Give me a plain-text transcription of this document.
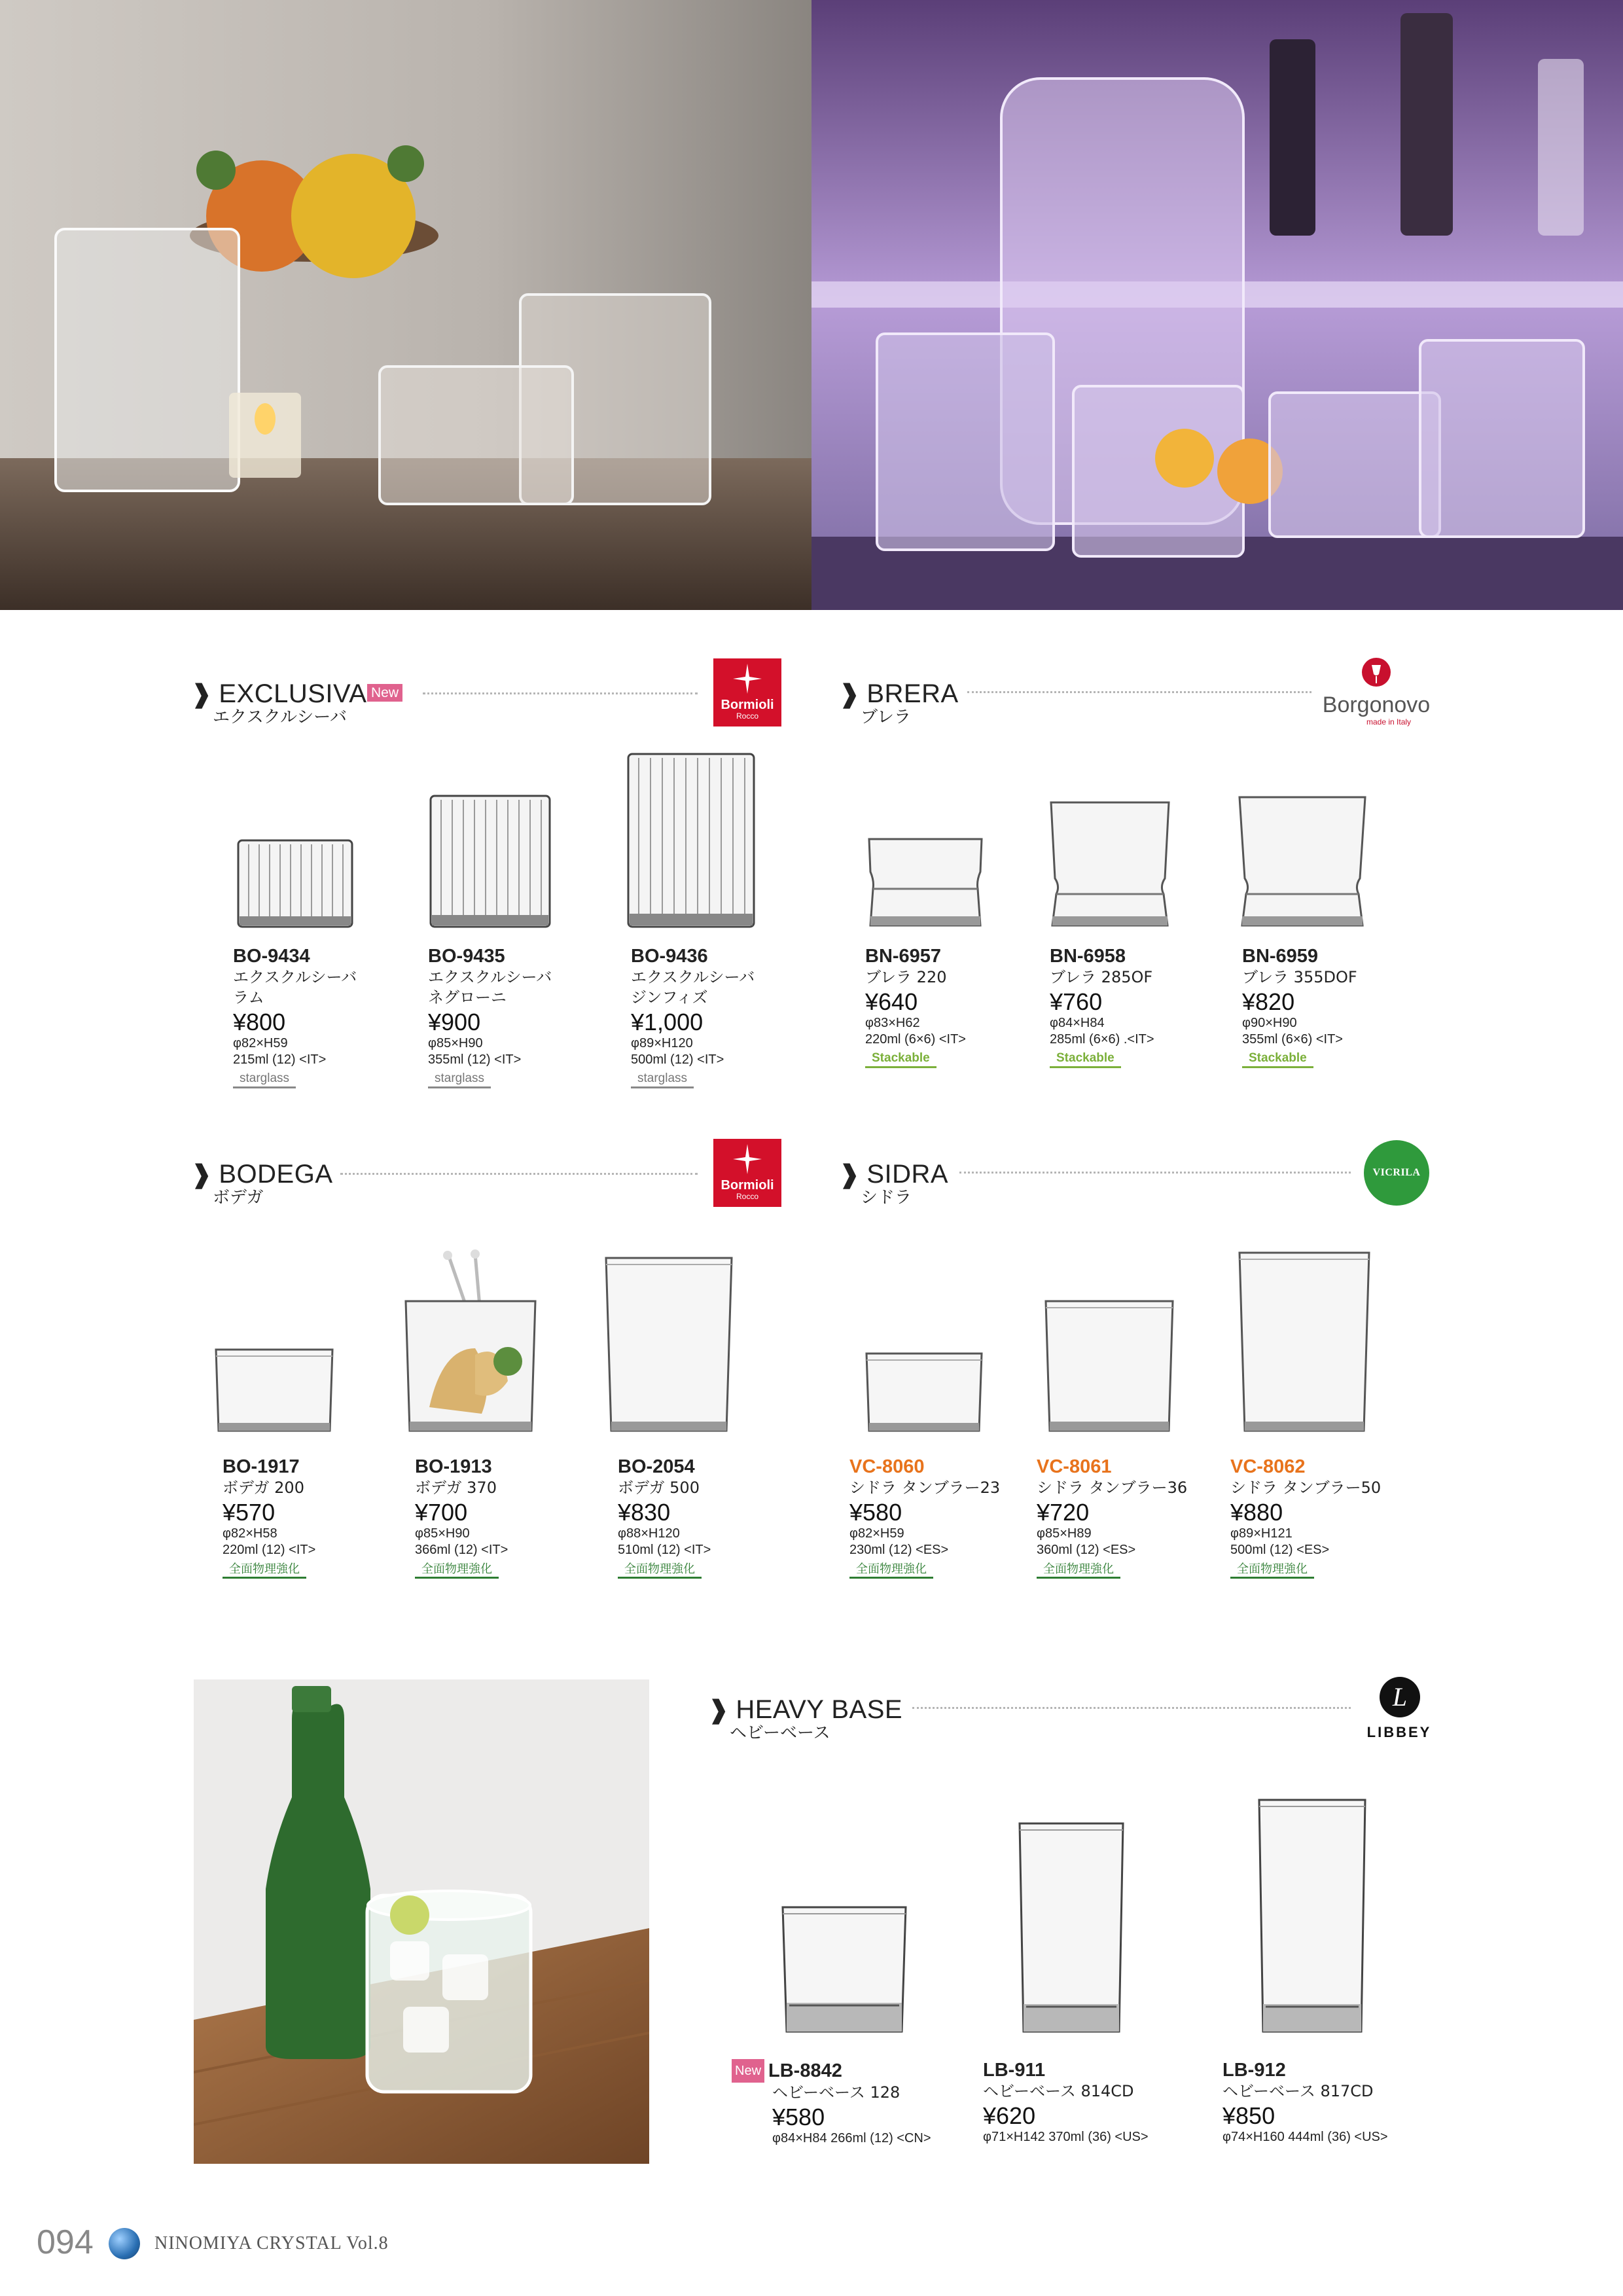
❱ EXCLUSIVA
エクスクルシーバ
New
Bormioli
Rocco
BO-9434
エクスクルシーバ
ラム
¥800
φ82×H59
215ml (12) <IT>
starglass
BO-9435
エクスクルシーバ
ネグローニ
¥900
φ85×H90
355ml (12) <IT>
starglass
BO-9436
エクスクルシーバ
ジンフィズ
¥1,000
φ89×H120
500ml (12) <IT>
starglass
❱ BRERA
ブレラ	Borgonovo
made in Italy
BN-6957
ブレラ 220
¥640
φ83×H62
220ml (6×6) <IT>
Stackable
BN-6958
ブレラ 285OF
¥760
φ84×H84
285ml (6×6) .<IT>
Stackable
BN-6959
ブレラ 355DOF
¥820
φ90×H90
355ml (6×6) <IT>
Stackable
❱ BODEGA
ボデガ
Bormioli
Rocco
BO-1917
ボデガ 200
¥570
φ82×H58
220ml (12) <IT>
全面物理強化
BO-1913
ボデガ 370
¥700
φ85×H90
366ml (12) <IT>
全面物理強化
BO-2054
ボデガ 500
¥830
φ88×H120
510ml (12) <IT>
全面物理強化
❱ SIDRA
シドラ
VICRILA
VC-8060
シドラ タンブラー23
¥580
φ82×H59
230ml (12) <ES>
全面物理強化
VC-8061
シドラ タンブラー36
¥720
φ85×H89
360ml (12) <ES>
全面物理強化
VC-8062
シドラ タンブラー50
¥880
φ89×H121
500ml (12) <ES>
全面物理強化
❱ HEAVY BASE
ヘビーベース
L
LIBBEY
New LB-8842
ヘビーベース 128
¥580
φ84×H84 266ml (12) <CN>
LB-911
ヘビーベース 814CD
¥620
φ71×H142 370ml (36) <US>
LB-912
ヘビーベース 817CD
¥850
φ74×H160 444ml (36) <US>
094	NINOMIYA CRYSTAL Vol.8
